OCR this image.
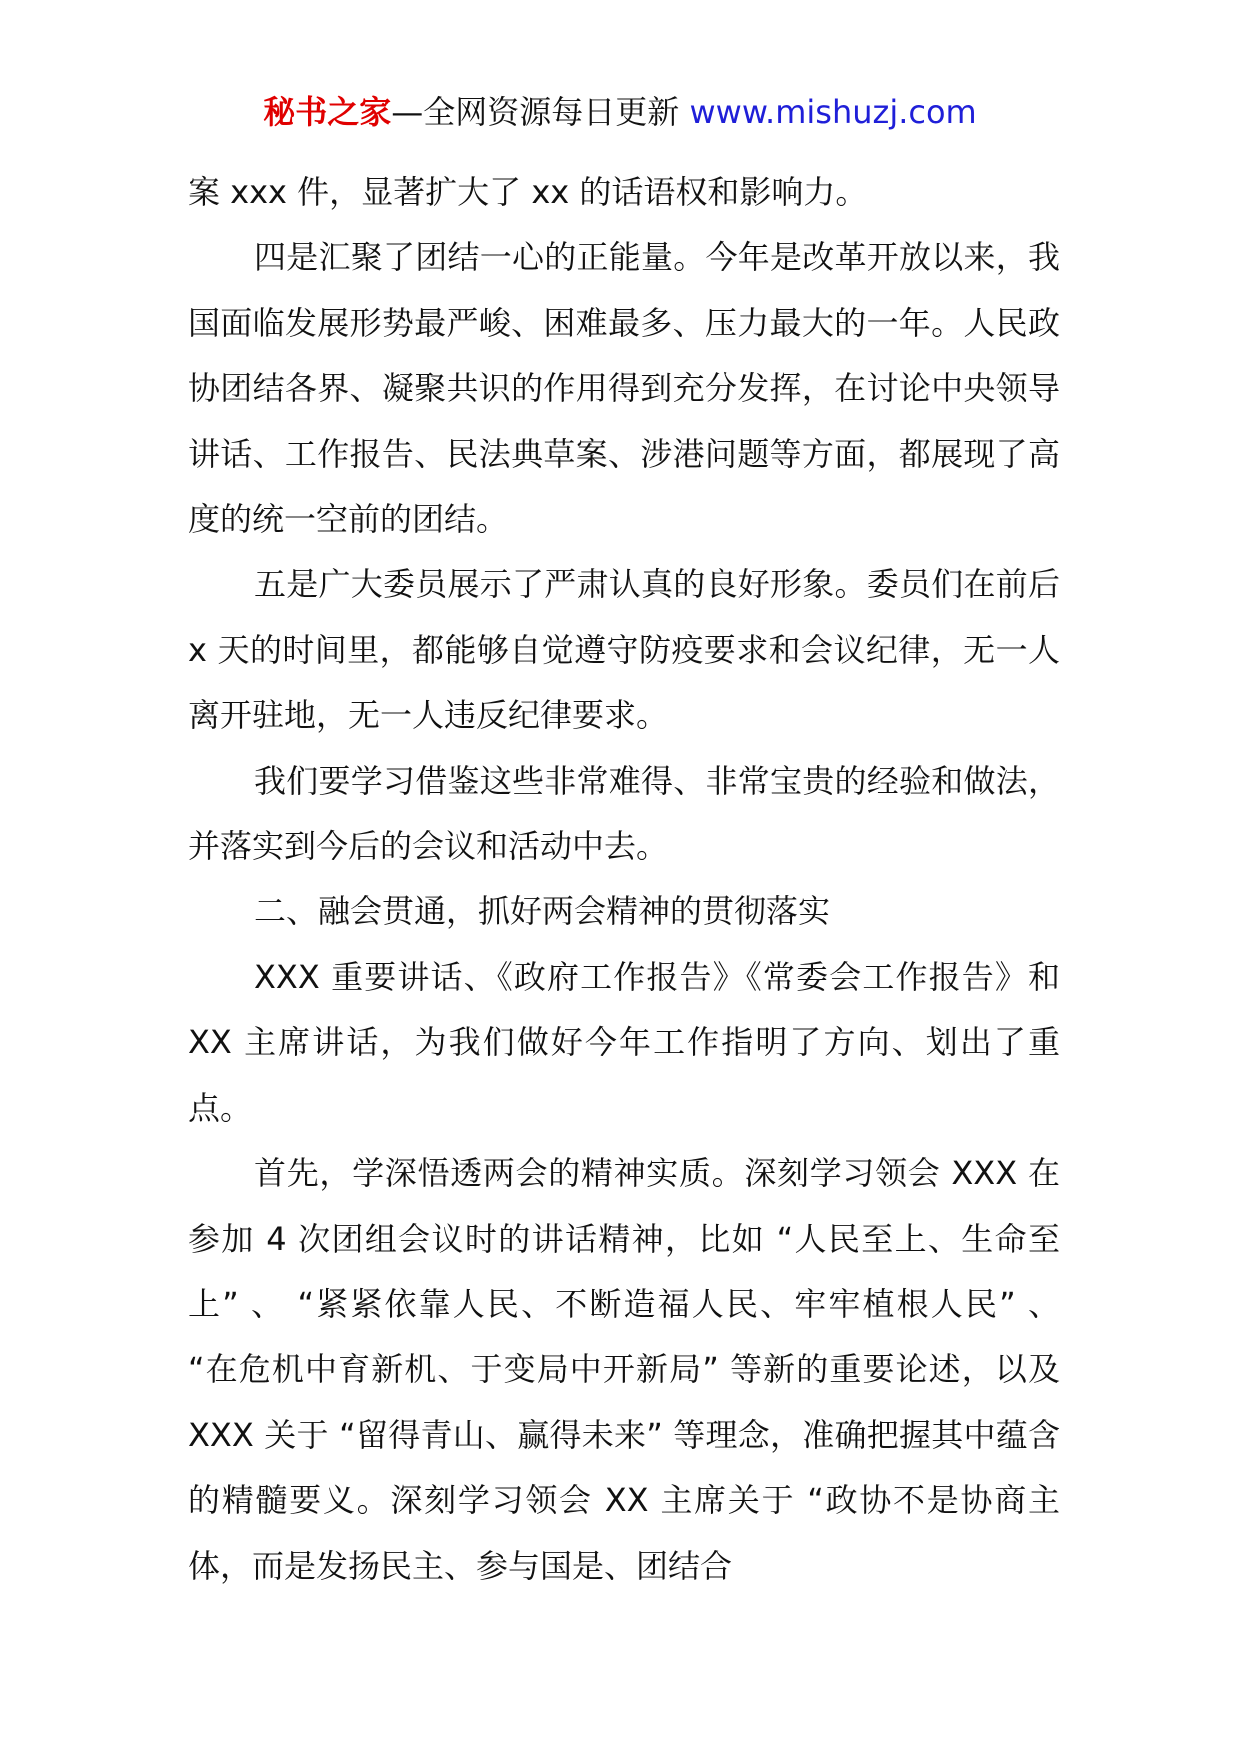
秘书之家—全网资源每日更新 www.mishuzj.com

案 xxx 件，显著扩大了 xx 的话语权和影响力。

四是汇聚了团结一心的正能量。今年是改革开放以来，我国面临发展形势最严峻、困难最多、压力最大的一年。人民政协团结各界、凝聚共识的作用得到充分发挥，在讨论中央领导讲话、工作报告、民法典草案、涉港问题等方面，都展现了高度的统一空前的团结。

五是广大委员展示了严肃认真的良好形象。委员们在前后 x 天的时间里，都能够自觉遵守防疫要求和会议纪律，无一人离开驻地，无一人违反纪律要求。

我们要学习借鉴这些非常难得、非常宝贵的经验和做法，并落实到今后的会议和活动中去。

二、融会贯通，抓好两会精神的贯彻落实

XXX 重要讲话、《政府工作报告》《常委会工作报告》和 XX 主席讲话，为我们做好今年工作指明了方向、划出了重点。

首先，学深悟透两会的精神实质。深刻学习领会 XXX 在参加 4 次团组会议时的讲话精神，比如 “人民至上、生命至上” 、 “紧紧依靠人民、不断造福人民、牢牢植根人民” 、 “在危机中育新机、于变局中开新局” 等新的重要论述，以及 XXX 关于 “留得青山、赢得未来” 等理念，准确把握其中蕴含的精髓要义。深刻学习领会 XX 主席关于 “政协不是协商主体，而是发扬民主、参与国是、团结合
